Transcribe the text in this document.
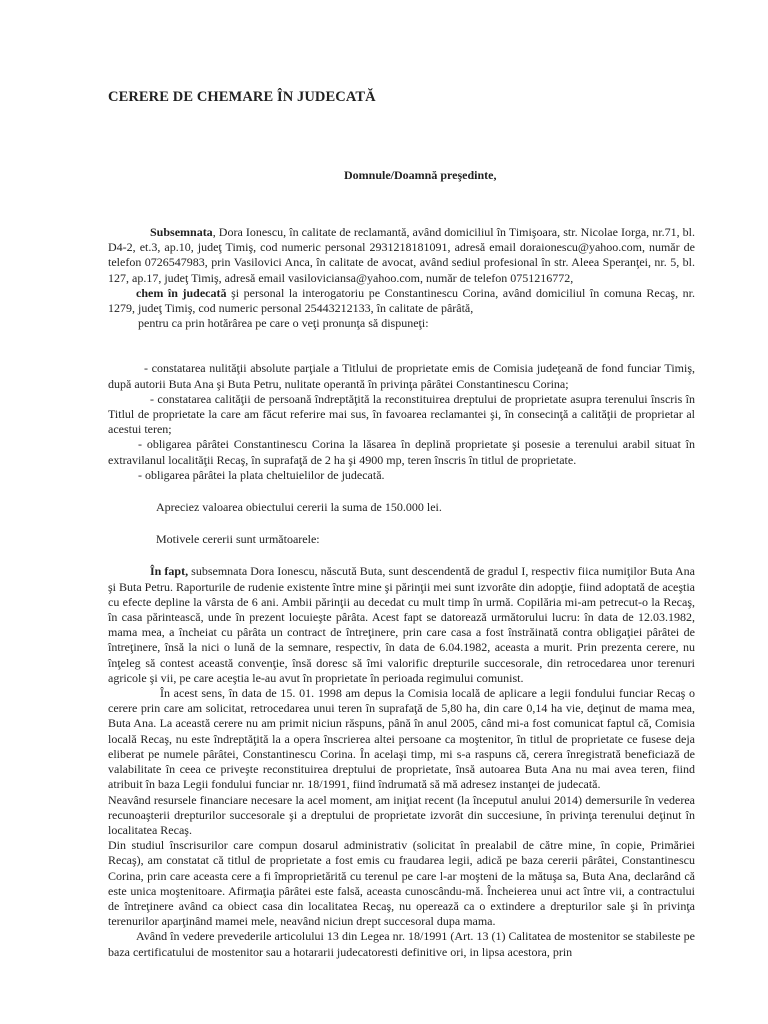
CERERE DE CHEMARE ÎN JUDECATĂ

Domnule/Doamnă preşedinte,

Subsemnata, Dora Ionescu, în calitate de reclamantă, având domiciliul în Timişoara, str. Nicolae Iorga, nr.71, bl. D4-2, et.3, ap.10, judeţ Timiş, cod numeric personal 2931218181091, adresă email doraionescu@yahoo.com, număr de telefon 0726547983, prin Vasilovici Anca, în calitate de avocat, având sediul profesional în str. Aleea Speranţei, nr. 5, bl. 127, ap.17, judeţ Timiş, adresă email vasiloviciansa@yahoo.com, număr de telefon 0751216772,

chem în judecată şi personal la interogatoriu pe Constantinescu Corina, având domiciliul în comuna Recaş, nr. 1279, judeţ Timiş, cod numeric personal 25443212133, în calitate de pârâtă,

pentru ca prin hotărârea pe care o veţi pronunţa să dispuneţi:

- constatarea nulităţii absolute parţiale a Titlului de proprietate emis de Comisia judeţeană de fond funciar Timiş, după autorii Buta Ana şi Buta Petru, nulitate operantă în privinţa pârâtei Constantinescu Corina;

- constatarea calităţii de persoană îndreptăţită la reconstituirea dreptului de proprietate asupra terenului înscris în Titlul de proprietate la care am făcut referire mai sus, în favoarea reclamantei şi, în consecinţă a calităţii de proprietar al acestui teren;

- obligarea pârâtei Constantinescu Corina la lăsarea în deplină proprietate şi posesie a terenului arabil situat în extravilanul localităţii Recaş, în suprafaţă de 2 ha şi 4900 mp, teren înscris în titlul de proprietate.

- obligarea pârâtei la plata cheltuielilor de judecată.

Apreciez valoarea obiectului cererii la suma de 150.000 lei.

Motivele cererii sunt următoarele:

În fapt, subsemnata Dora Ionescu, născută Buta, sunt descendentă de gradul I, respectiv fiica numiţilor Buta Ana şi Buta Petru. Raporturile de rudenie existente între mine şi părinţii mei sunt izvorâte din adopţie, fiind adoptată de aceştia cu efecte depline la vârsta de 6 ani. Ambii părinţii au decedat cu mult timp în urmă. Copilăria mi-am petrecut-o la Recaş, în casa părintească, unde în prezent locuieşte pârâta. Acest fapt se datorează următorului lucru: în data de 12.03.1982, mama mea, a încheiat cu pârâta un contract de întreţinere, prin care casa a fost înstrăinată contra obligaţiei pârâtei de întreţinere, însă la nici o lună de la semnare, respectiv, în data de 6.04.1982, aceasta a murit. Prin prezenta cerere, nu înţeleg să contest această convenţie, însă doresc să îmi valorific drepturile succesorale, din retrocedarea unor terenuri agricole şi vii, pe care aceştia le-au avut în proprietate în perioada regimului comunist.

În acest sens, în data de 15. 01. 1998 am depus la Comisia locală de aplicare a legii fondului funciar Recaş o cerere prin care am solicitat, retrocedarea unui teren în suprafaţă de 5,80 ha, din care 0,14 ha vie, deţinut de mama mea, Buta Ana. La această cerere nu am primit niciun răspuns, până în anul 2005, când mi-a fost comunicat faptul că, Comisia locală Recaş, nu este îndreptăţită la a opera înscrierea altei persoane ca moştenitor, în titlul de proprietate ce fusese deja eliberat pe numele pârâtei, Constantinescu Corina. În acelaşi timp, mi s-a raspuns că, cerera înregistrată beneficiază de valabilitate în ceea ce priveşte reconstituirea dreptului de proprietate, însă autoarea Buta Ana nu mai avea teren, fiind atribuit în baza Legii fondului funciar nr. 18/1991, fiind îndrumată să mă adresez instanţei de judecată.

Neavând resursele financiare necesare la acel moment, am iniţiat recent (la începutul anului 2014) demersurile în vederea recunoaşterii drepturilor succesorale şi a dreptului de proprietate izvorât din succesiune, în privinţa terenului deţinut în localitatea Recaş.

Din studiul înscrisurilor care compun dosarul administrativ (solicitat în prealabil de către mine, în copie, Primăriei Recaş), am constatat că titlul de proprietate a fost emis cu fraudarea legii, adică pe baza cererii pârâtei, Constantinescu Corina, prin care aceasta cere a fi împroprietărită cu terenul pe care l-ar moşteni de la mătuşa sa, Buta Ana, declarând că este unica moştenitoare. Afirmaţia pârâtei este falsă, aceasta cunoscându-mă. Încheierea unui act între vii, a contractului de întreţinere având ca obiect casa din localitatea Recaş, nu operează ca o extindere a drepturilor sale şi în privinţa terenurilor aparţinând mamei mele, neavând niciun drept succesoral dupa mama.

Având în vedere prevederile articolului 13 din Legea nr. 18/1991 (Art. 13 (1) Calitatea de mostenitor se stabileste pe baza certificatului de mostenitor sau a hotararii judecatoresti definitive ori, in lipsa acestora, prin
